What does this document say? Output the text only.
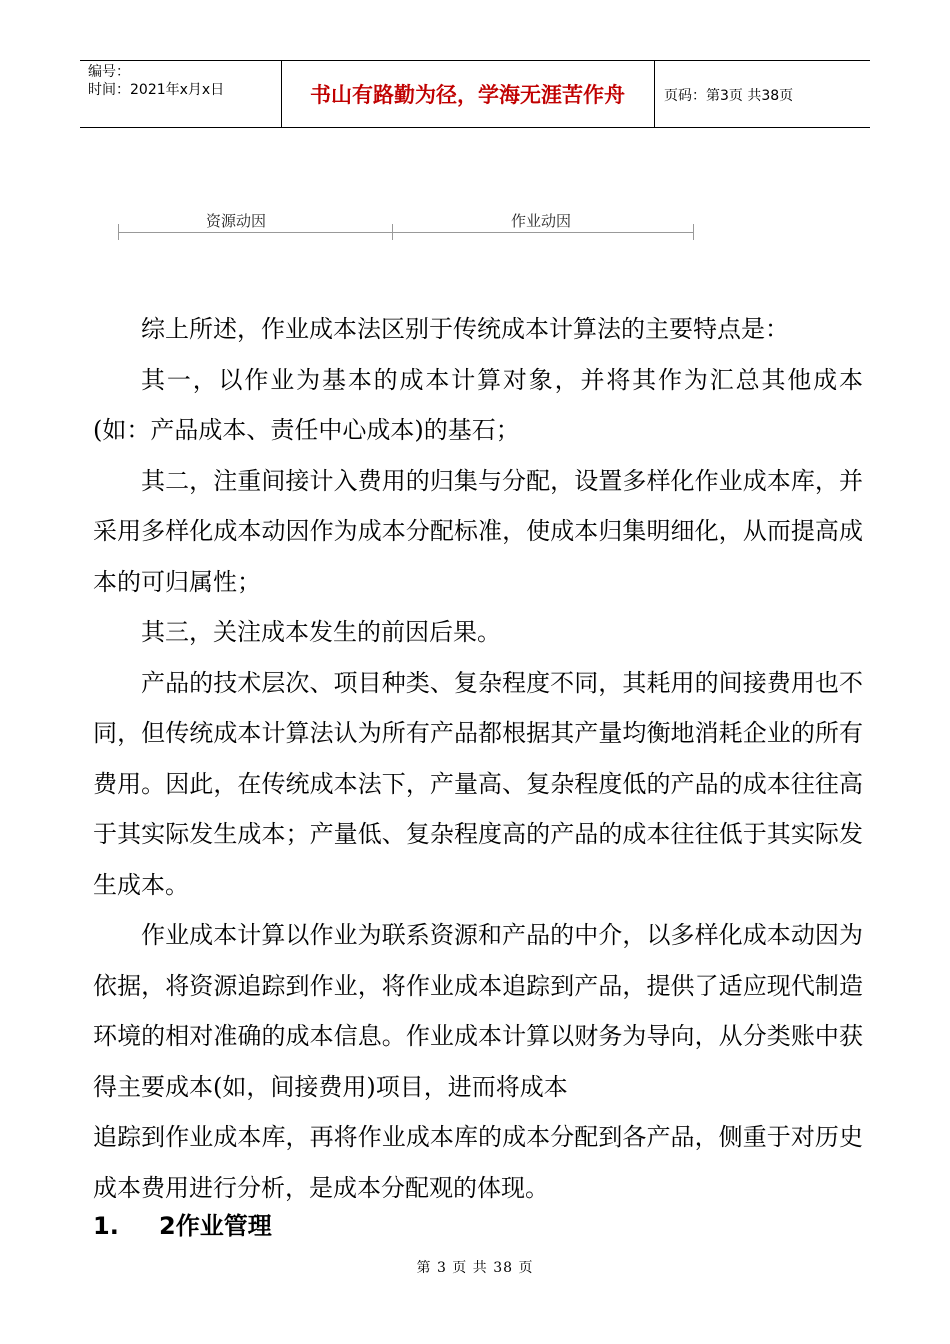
编号：
时间：2021年x月x日	书山有路勤为径，学海无涯苦作舟	页码：第3页 共38页
资源动因	作业动因

综上所述，作业成本法区别于传统成本计算法的主要特点是：

其一，以作业为基本的成本计算对象，并将其作为汇总其他成本(如：产品成本、责任中心成本)的基石；

其二，注重间接计入费用的归集与分配，设置多样化作业成本库，并采用多样化成本动因作为成本分配标准，使成本归集明细化，从而提高成本的可归属性；

其三，关注成本发生的前因后果。

产品的技术层次、项目种类、复杂程度不同，其耗用的间接费用也不同，但传统成本计算法认为所有产品都根据其产量均衡地消耗企业的所有费用。因此，在传统成本法下，产量高、复杂程度低的产品的成本往往高于其实际发生成本；产量低、复杂程度高的产品的成本往往低于其实际发生成本。

作业成本计算以作业为联系资源和产品的中介，以多样化成本动因为依据，将资源追踪到作业，将作业成本追踪到产品，提供了适应现代制造环境的相对准确的成本信息。作业成本计算以财务为导向，从分类账中获得主要成本(如，间接费用)项目，进而将成本

追踪到作业成本库，再将作业成本库的成本分配到各产品，侧重于对历史成本费用进行分析，是成本分配观的体现。

1. 2作业管理
第 3 页 共 38 页
